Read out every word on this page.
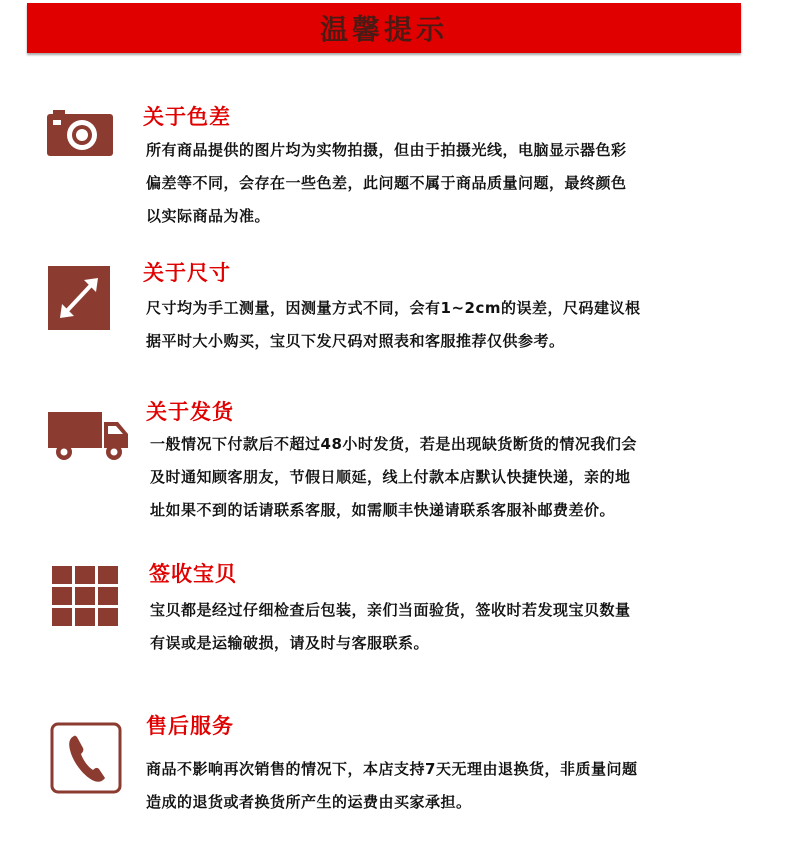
温馨提示
关于色差
所有商品提供的图片均为实物拍摄，但由于拍摄光线，电脑显示器色彩
偏差等不同，会存在一些色差，此问题不属于商品质量问题，最终颜色
以实际商品为准。
关于尺寸
尺寸均为手工测量，因测量方式不同，会有1~2cm的误差，尺码建议根
据平时大小购买，宝贝下发尺码对照表和客服推荐仅供参考。
关于发货
一般情况下付款后不超过48小时发货，若是出现缺货断货的情况我们会
及时通知顾客朋友，节假日顺延，线上付款本店默认快捷快递，亲的地
址如果不到的话请联系客服，如需顺丰快递请联系客服补邮费差价。
签收宝贝
宝贝都是经过仔细检查后包装，亲们当面验货，签收时若发现宝贝数量
有误或是运输破损，请及时与客服联系。
售后服务
商品不影响再次销售的情况下，本店支持7天无理由退换货，非质量问题
造成的退货或者换货所产生的运费由买家承担。
